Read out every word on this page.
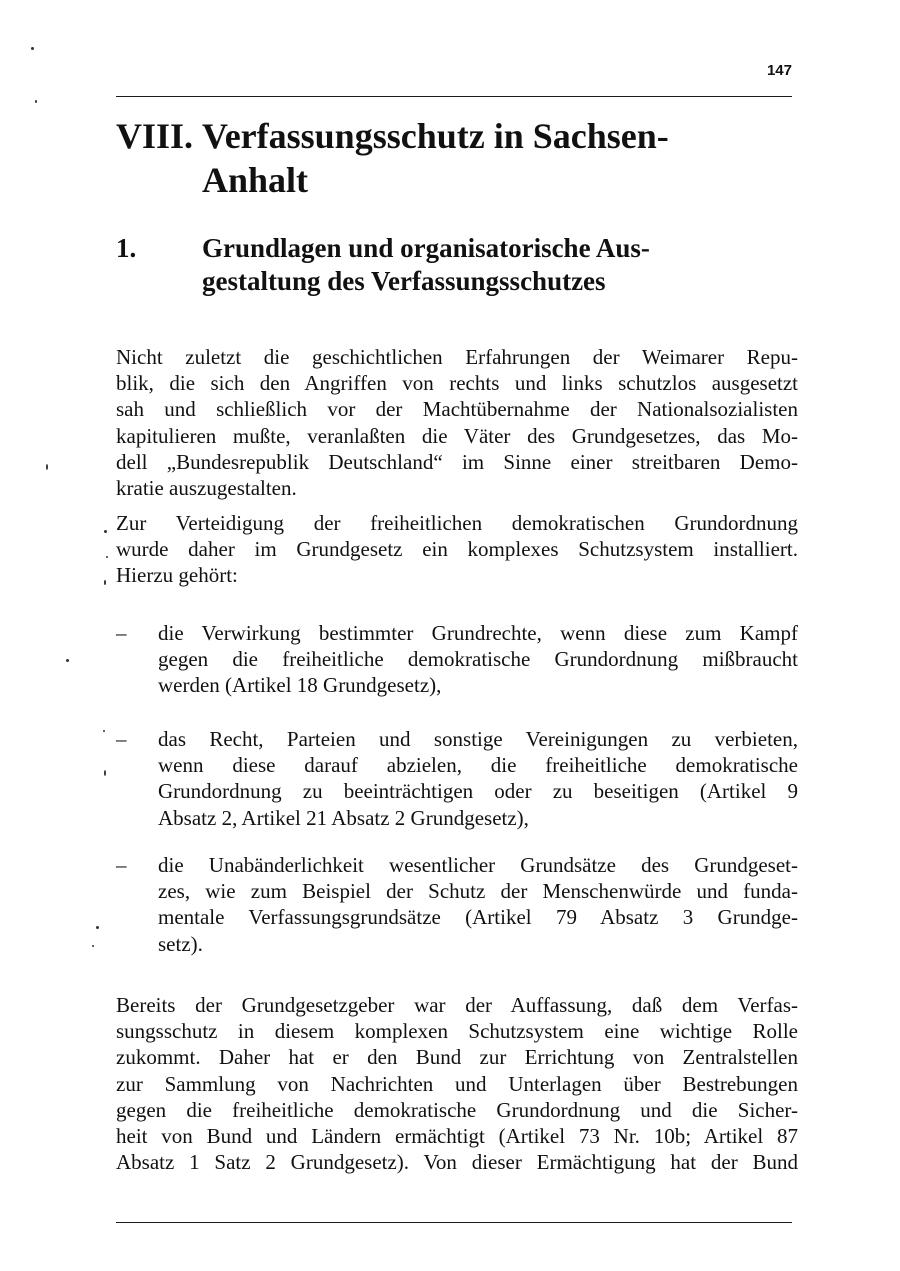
147
VIII. Verfassungsschutz in Sachsen-
Anhalt
1.	Grundlagen und organisatorische Aus-
gestaltung des Verfassungsschutzes

Nicht zuletzt die geschichtlichen Erfahrungen der Weimarer Repu-
blik, die sich den Angriffen von rechts und links schutzlos ausgesetzt
sah und schließlich vor der Machtübernahme der Nationalsozialisten
kapitulieren mußte, veranlaßten die Väter des Grundgesetzes, das Mo-
dell „Bundesrepublik Deutschland“ im Sinne einer streitbaren Demo-
kratie auszugestalten.

Zur Verteidigung der freiheitlichen demokratischen Grundordnung
wurde daher im Grundgesetz ein komplexes Schutzsystem installiert.
Hierzu gehört:

–	die Verwirkung bestimmter Grundrechte, wenn diese zum Kampf
gegen die freiheitliche demokratische Grundordnung mißbraucht
werden (Artikel 18 Grundgesetz),
–	das Recht, Parteien und sonstige Vereinigungen zu verbieten,
wenn diese darauf abzielen, die freiheitliche demokratische
Grundordnung zu beeinträchtigen oder zu beseitigen (Artikel 9
Absatz 2, Artikel 21 Absatz 2 Grundgesetz),
–	die Unabänderlichkeit wesentlicher Grundsätze des Grundgeset-
zes, wie zum Beispiel der Schutz der Menschenwürde und funda-
mentale Verfassungsgrundsätze (Artikel 79 Absatz 3 Grundge-
setz).

Bereits der Grundgesetzgeber war der Auffassung, daß dem Verfas-
sungsschutz in diesem komplexen Schutzsystem eine wichtige Rolle
zukommt. Daher hat er den Bund zur Errichtung von Zentralstellen
zur Sammlung von Nachrichten und Unterlagen über Bestrebungen
gegen die freiheitliche demokratische Grundordnung und die Sicher-
heit von Bund und Ländern ermächtigt (Artikel 73 Nr. 10b; Artikel 87
Absatz 1 Satz 2 Grundgesetz). Von dieser Ermächtigung hat der Bund
